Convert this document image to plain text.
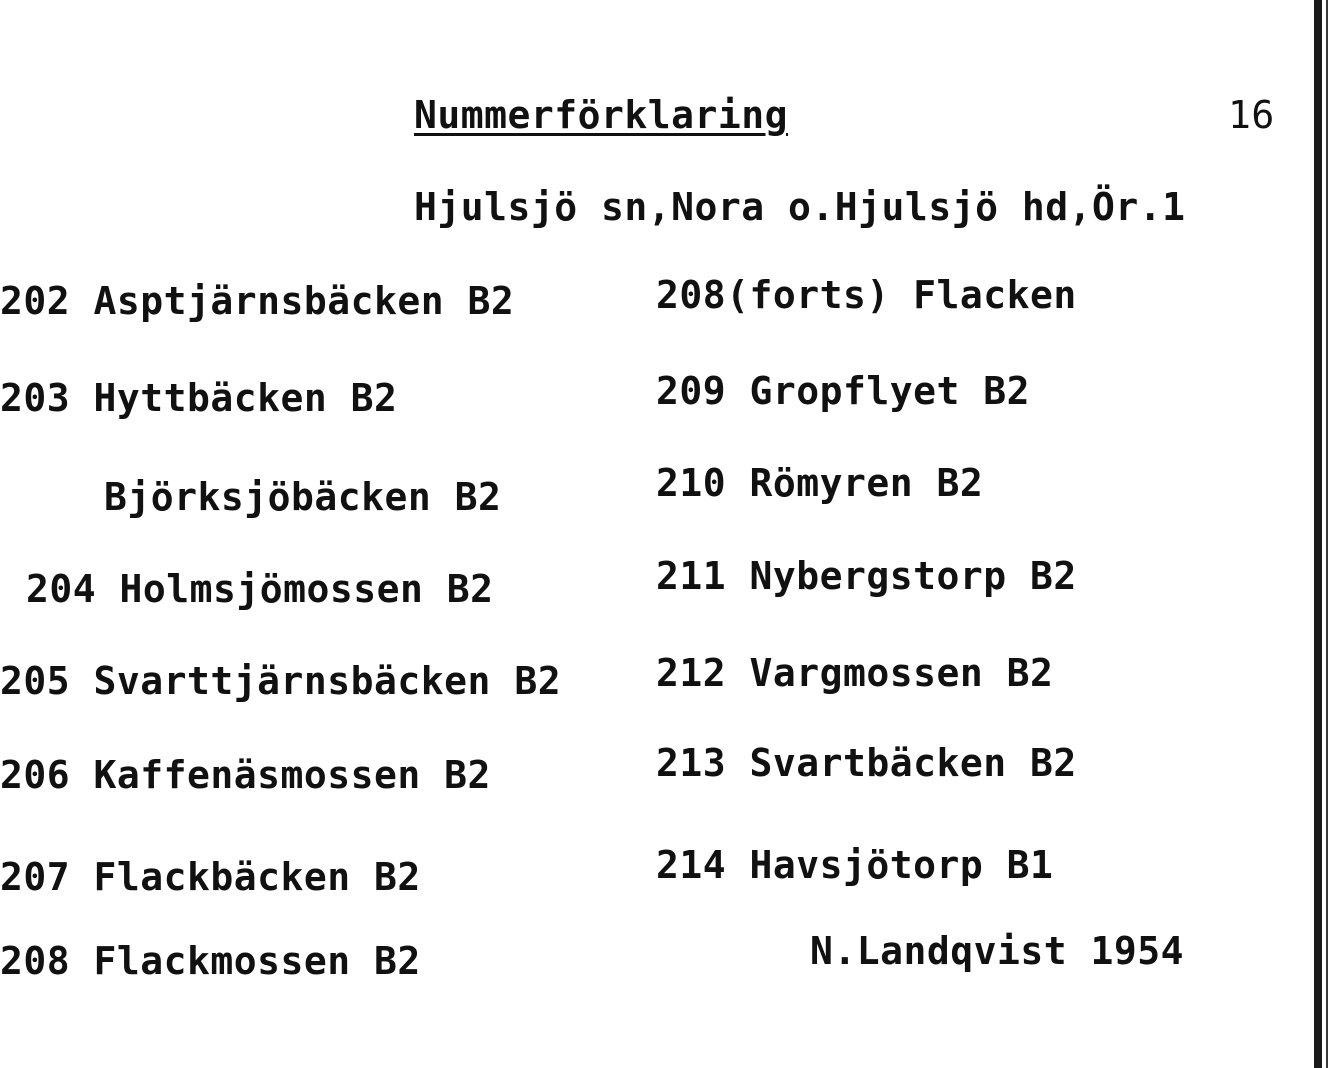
Nummerförklaring	16
Hjulsjö sn,Nora o.Hjulsjö hd,Ör.1
202 Asptjärnsbäcken B2
203 Hyttbäcken B2
Björksjöbäcken B2
204 Holmsjömossen B2
205 Svarttjärnsbäcken B2
206 Kaffenäsmossen B2
207 Flackbäcken B2
208 Flackmossen B2
208(forts) Flacken
209 Gropflyet B2
210 Römyren B2
211 Nybergstorp B2
212 Vargmossen B2
213 Svartbäcken B2
214 Havsjötorp B1
N.Landqvist 1954
